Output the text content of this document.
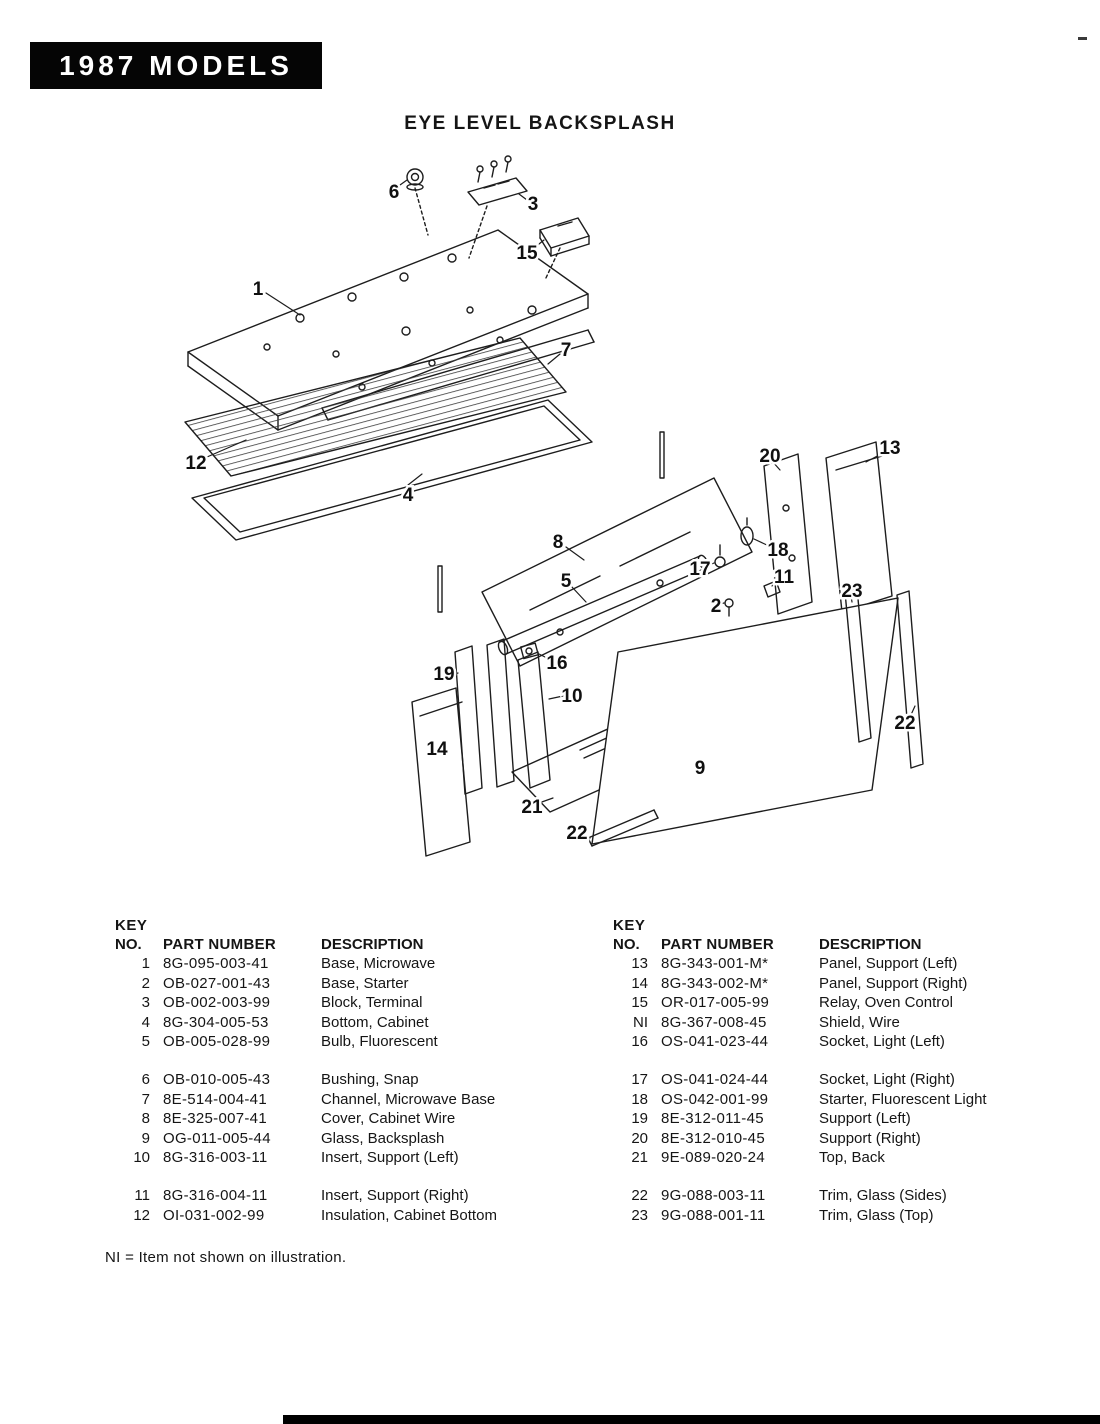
1987 MODELS
EYE LEVEL BACKSPLASH
6
3
15
1
7
12
4
20	13
8	18
17
5	11
2
23
16
19
10
14
21
9
22
22
KEY
NO.	PART NUMBER	DESCRIPTION
1 8G-095-003-41	Base, Microwave
2 OB-027-001-43	Base, Starter
3 OB-002-003-99	Block, Terminal
4 8G-304-005-53	Bottom, Cabinet
5 OB-005-028-99	Bulb, Fluorescent
6 OB-010-005-43	Bushing, Snap
7 8E-514-004-41	Channel, Microwave Base
8 8E-325-007-41	Cover, Cabinet Wire
9 OG-011-005-44	Glass, Backsplash
10 8G-316-003-11	Insert, Support (Left)
11 8G-316-004-11	Insert, Support (Right)
12 OI-031-002-99	Insulation, Cabinet Bottom
KEY
NO.	PART NUMBER	DESCRIPTION
13 8G-343-001-M*	Panel, Support (Left)
14 8G-343-002-M*	Panel, Support (Right)
15 OR-017-005-99	Relay, Oven Control
NI 8G-367-008-45	Shield, Wire
16 OS-041-023-44	Socket, Light (Left)
17 OS-041-024-44	Socket, Light (Right)
18 OS-042-001-99	Starter, Fluorescent Light
19 8E-312-011-45	Support (Left)
20 8E-312-010-45	Support (Right)
21 9E-089-020-24	Top, Back
22 9G-088-003-11	Trim, Glass (Sides)
23 9G-088-001-11	Trim, Glass (Top)
NI = Item not shown on illustration.
